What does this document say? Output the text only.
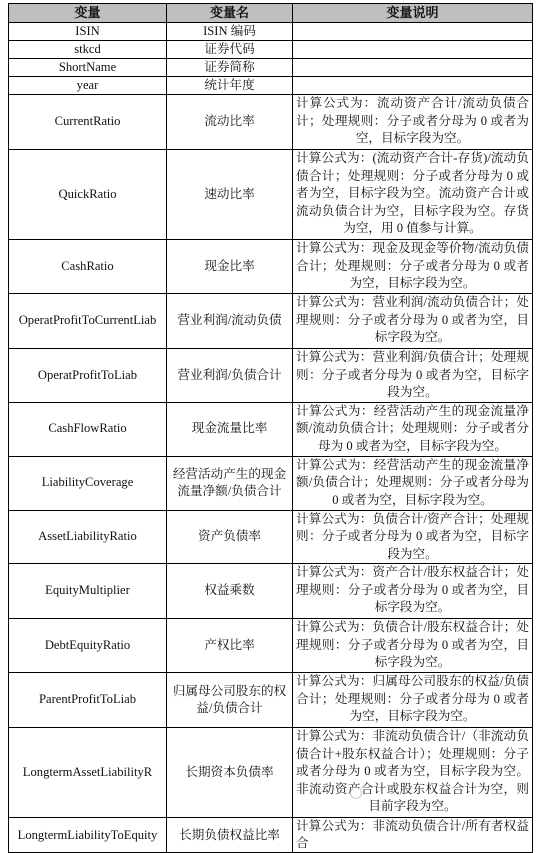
变量	变量名	变量说明
ISIN	ISIN 编码	
stkcd	证券代码	
ShortName	证券简称	
year	统计年度	
CurrentRatio	流动比率	计算公式为：流动资产合计/流动负债合计；处理规则：分子或者分母为 0 或者为空，目标字段为空。
QuickRatio	速动比率	计算公式为：(流动资产合计-存货)/流动负债合计；处理规则：分子或者分母为 0 或者为空，目标字段为空。流动资产合计或流动负债合计为空，目标字段为空。存货为空，用 0 值参与计算。
CashRatio	现金比率	计算公式为：现金及现金等价物/流动负债合计；处理规则：分子或者分母为 0 或者为空，目标字段为空。
OperatProfitToCurrentLiab	营业利润/流动负债	计算公式为：营业利润/流动负债合计；处理规则：分子或者分母为 0 或者为空，目标字段为空。
OperatProfitToLiab	营业利润/负债合计	计算公式为：营业利润/负债合计；处理规则：分子或者分母为 0 或者为空，目标字段为空。
CashFlowRatio	现金流量比率	计算公式为：经营活动产生的现金流量净额/流动负债合计；处理规则：分子或者分母为 0 或者为空，目标字段为空。
LiabilityCoverage	经营活动产生的现金流量净额/负债合计	计算公式为：经营活动产生的现金流量净额/负债合计；处理规则：分子或者分母为 0 或者为空，目标字段为空。
AssetLiabilityRatio	资产负债率	计算公式为：负债合计/资产合计；处理规则：分子或者分母为 0 或者为空，目标字段为空。
EquityMultiplier	权益乘数	计算公式为：资产合计/股东权益合计；处理规则：分子或者分母为 0 或者为空，目标字段为空。
DebtEquityRatio	产权比率	计算公式为：负债合计/股东权益合计；处理规则：分子或者分母为 0 或者为空，目标字段为空。
ParentProfitToLiab	归属母公司股东的权益/负债合计	计算公式为：归属母公司股东的权益/负债合计；处理规则：分子或者分母为 0 或者为空，目标字段为空。
LongtermAssetLiabilityR	长期资本负债率	计算公式为：非流动负债合计/（非流动负债合计+股东权益合计）；处理规则：分子或者分母为 0 或者为空，目标字段为空。非流动资产合计或股东权益合计为空，则目前字段为空。
LongtermLiabilityToEquity	长期负债权益比率	计算公式为：非流动负债合计/所有者权益合
